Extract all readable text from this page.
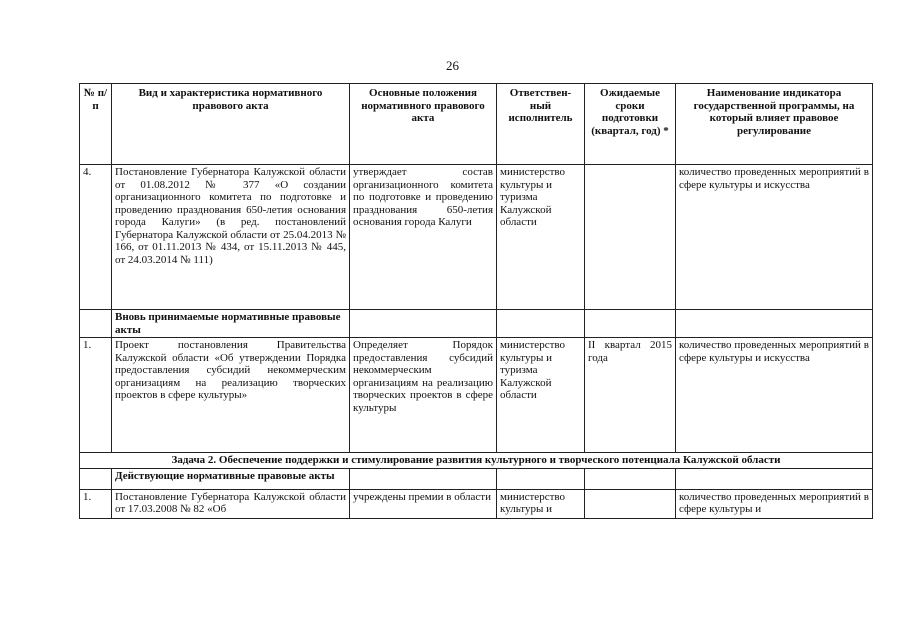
26
№ п/п	Вид и характеристика нормативного правового акта	Основные положения нормативного правового акта	Ответствен-ный исполнитель	Ожидаемые сроки подготовки (квартал, год) *	Наименование индикатора государственной программы, на который влияет правовое регулирование
4.	Постановление Губернатора Калужской области от 01.08.2012 № 377 «О создании организационного комитета по подготовке и проведению празднования 650-летия основания города Калуги» (в ред. постановлений Губернатора Калужской области от 25.04.2013 № 166, от 01.11.2013 № 434, от 15.11.2013 № 445, от 24.03.2014 № 111)	утверждает состав организационного комитета по подготовке и проведению празднования 650-летия основания города Калуги	министерство культуры и туризма Калужской области		количество проведенных мероприятий в сфере культуры и искусства
	Вновь принимаемые нормативные правовые акты				
1.	Проект постановления Правительства Калужской области «Об утверждении Порядка предоставления субсидий некоммерческим организациям на реализацию творческих проектов в сфере культуры»	Определяет Порядок предоставления субсидий некоммерческим организациям на реализацию творческих проектов в сфере культуры	министерство культуры и туризма Калужской области	II квартал 2015 года	количество проведенных мероприятий в сфере культуры и искусства
Задача 2. Обеспечение поддержки и стимулирование развития культурного и творческого потенциала Калужской области					
	Действующие нормативные правовые акты				
1.	Постановление Губернатора Калужской области от 17.03.2008 № 82 «Об	учреждены премии в области	министерство культуры и		количество проведенных мероприятий в сфере культуры и
